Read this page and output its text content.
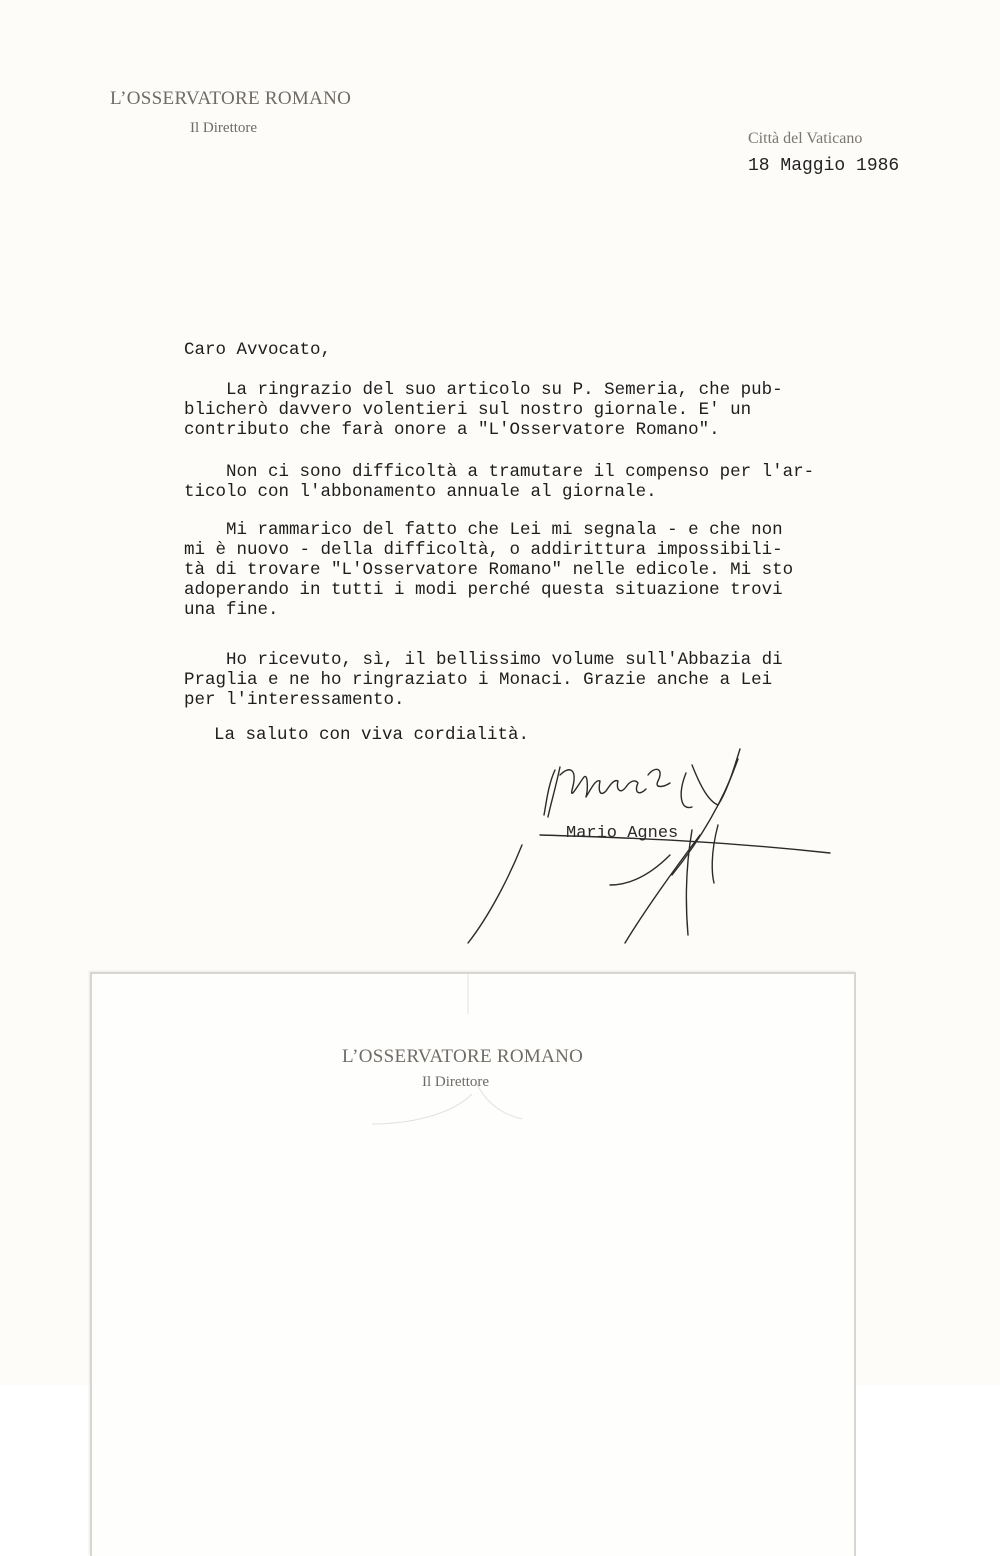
L’OSSERVATORE ROMANO
Il Direttore
Città del Vaticano
18 Maggio 1986
Caro Avvocato,
La ringrazio del suo articolo su P. Semeria, che pub-
blicherò davvero volentieri sul nostro giornale. E' un
contributo che farà onore a "L'Osservatore Romano".
Non ci sono difficoltà a tramutare il compenso per l'ar-
ticolo con l'abbonamento annuale al giornale.
Mi rammarico del fatto che Lei mi segnala - e che non
mi è nuovo - della difficoltà, o addirittura impossibili-
tà di trovare "L'Osservatore Romano" nelle edicole. Mi sto
adoperando in tutti i modi perché questa situazione trovi
una fine.
Ho ricevuto, sì, il bellissimo volume sull'Abbazia di
Praglia e ne ho ringraziato i Monaci. Grazie anche a Lei
per l'interessamento.
La saluto con viva cordialità.
Mario Agnes
L’OSSERVATORE ROMANO
Il Direttore
